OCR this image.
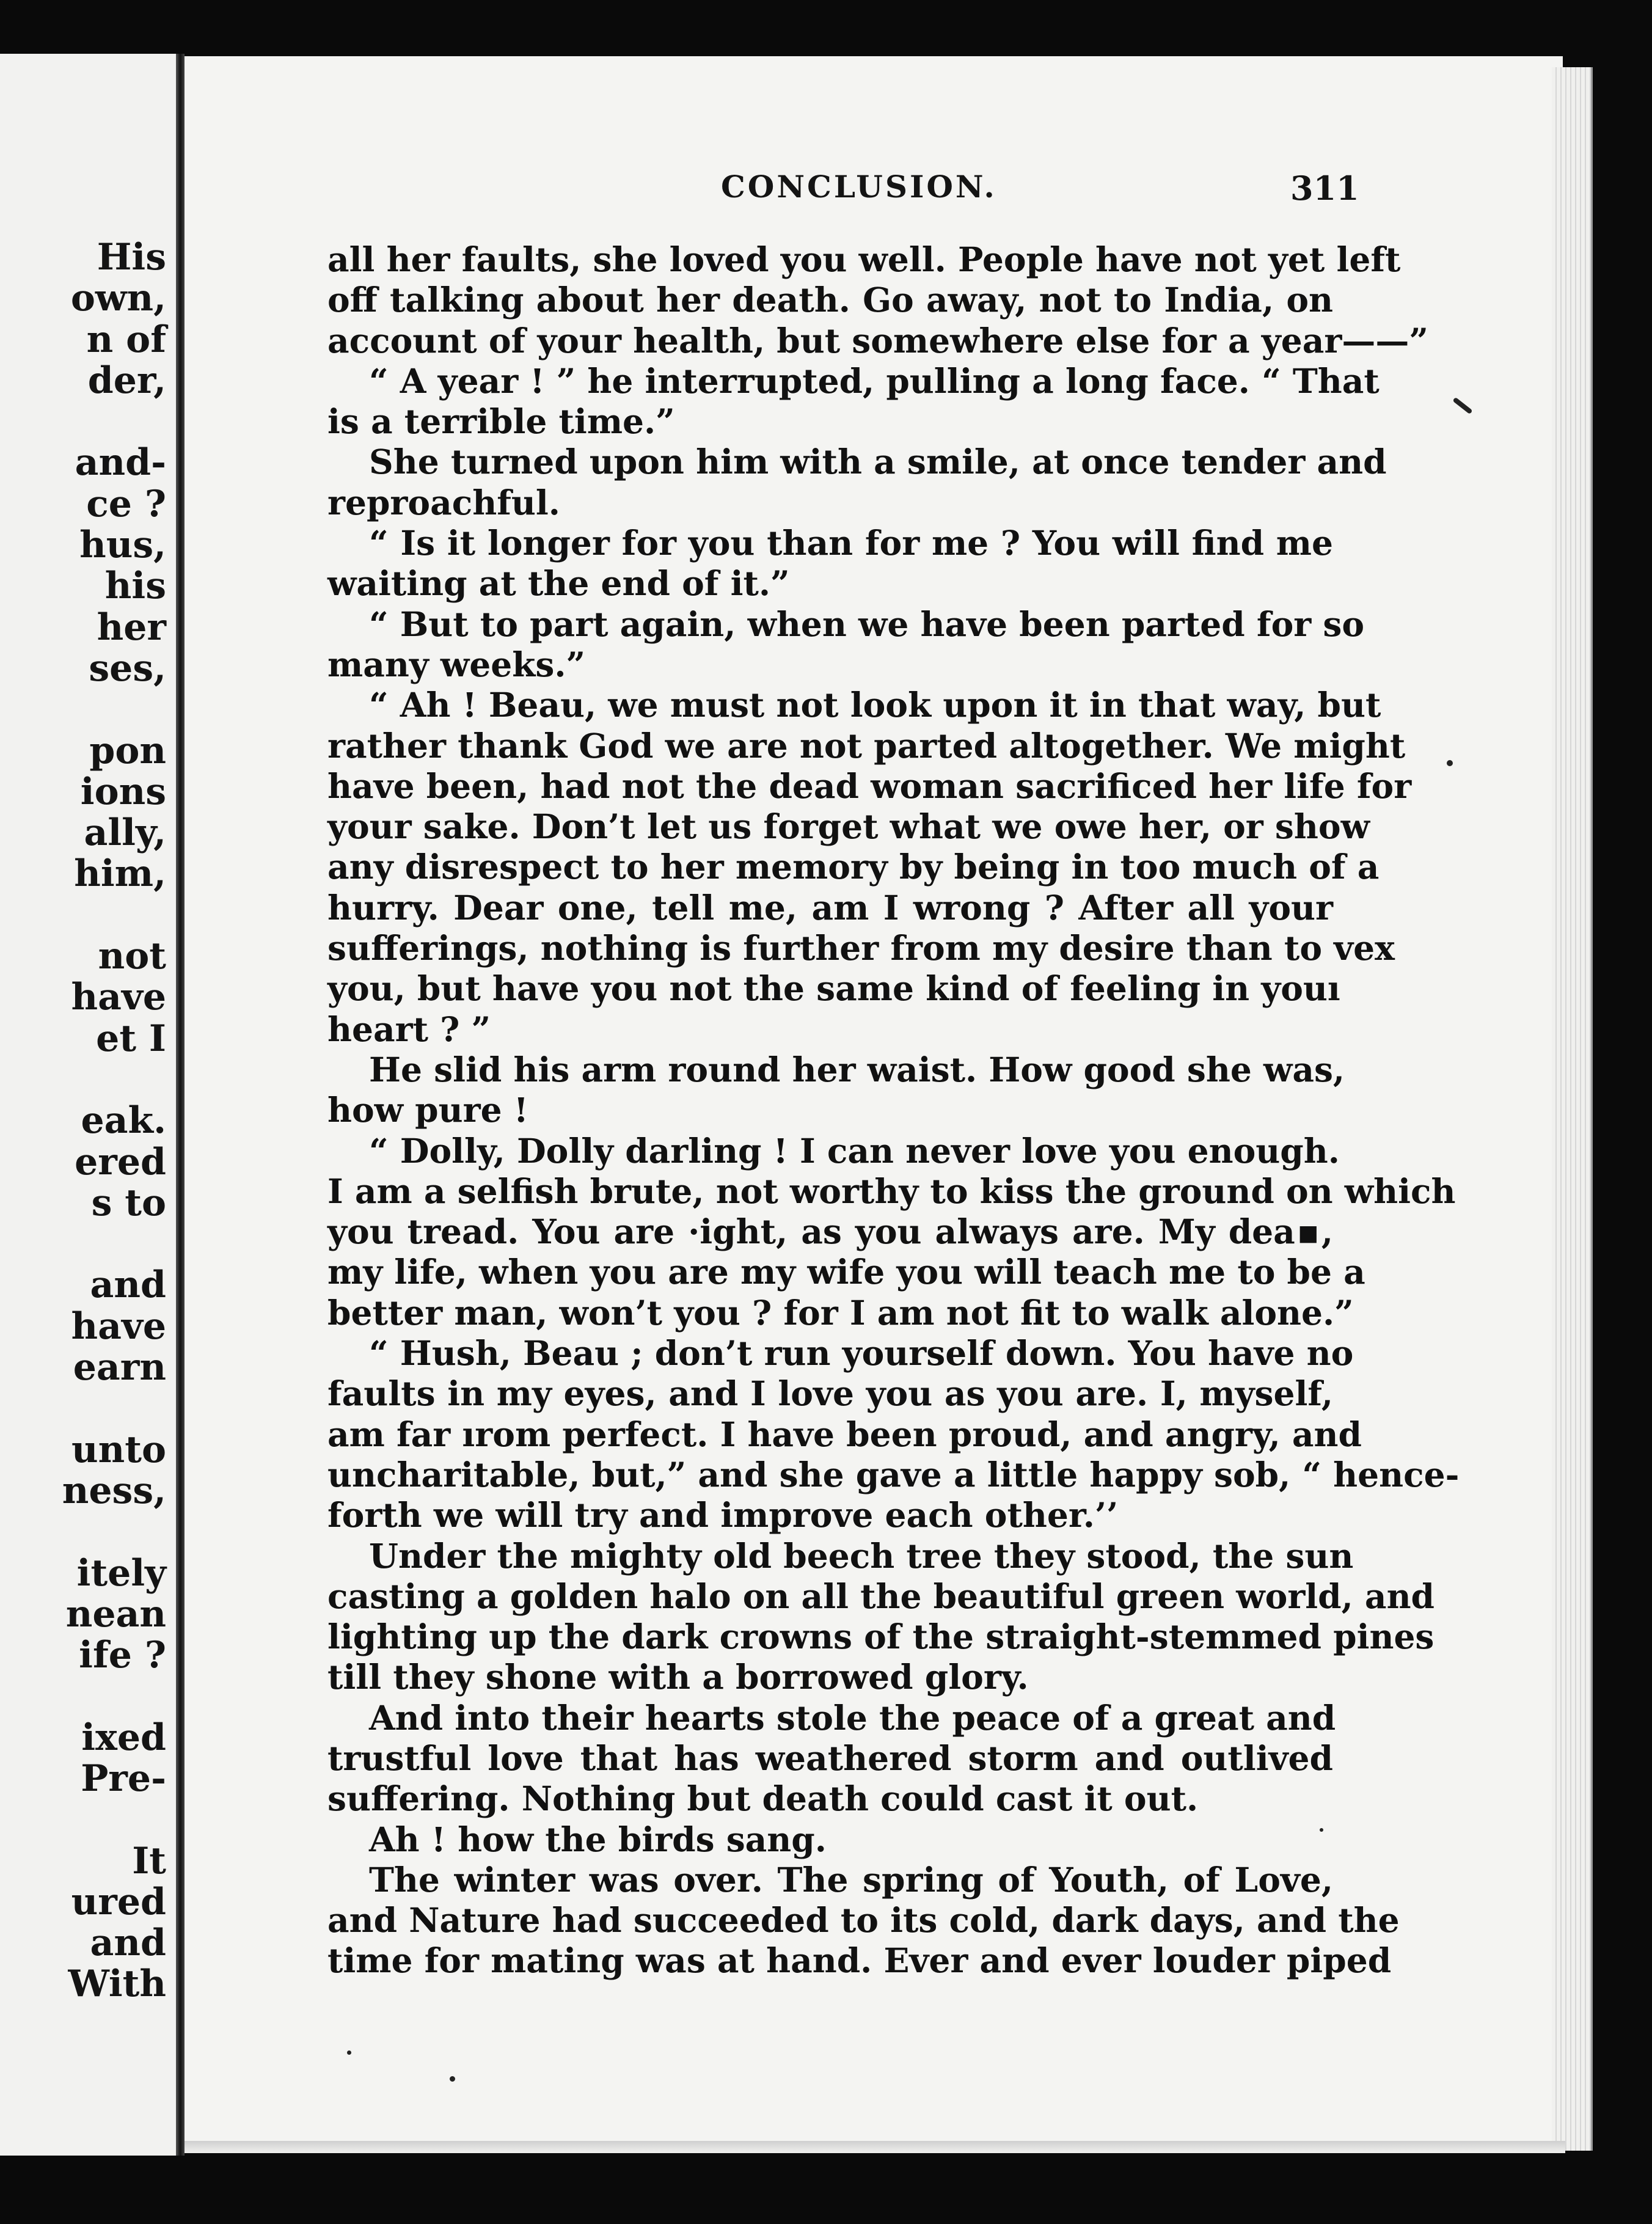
His
own,
n of
der,

and-
ce ?
hus,
his
her
ses,

pon
ions
ally,
him,

not
have
et I

eak.
ered
s to

and
have
earn

unto
ness,

itely
nean
ife ?

ixed
Pre-

It
ured
and
With
CONCLUSION.	311
all her faults, she loved you well. People have not yet left
off talking about her death. Go away, not to India, on
account of your health, but somewhere else for a year——”
“ A year ! ” he interrupted, pulling a long face. “ That
is a terrible time.”
She turned upon him with a smile, at once tender and
reproachful.
“ Is it longer for you than for me ? You will find me
waiting at the end of it.”
“ But to part again, when we have been parted for so
many weeks.”
“ Ah ! Beau, we must not look upon it in that way, but
rather thank God we are not parted altogether. We might
have been, had not the dead woman sacrificed her life for
your sake. Don’t let us forget what we owe her, or show
any disrespect to her memory by being in too much of a
hurry. Dear one, tell me, am I wrong ? After all your
sufferings, nothing is further from my desire than to vex
you, but have you not the same kind of feeling in youı
heart ? ”
He slid his arm round her waist. How good she was,
how pure !
“ Dolly, Dolly darling ! I can never love you enough.
I am a selfish brute, not worthy to kiss the ground on which
you tread. You are ·ight, as you always are. My dea▪,
my life, when you are my wife you will teach me to be a
better man, won’t you ? for I am not fit to walk alone.”
“ Hush, Beau ; don’t run yourself down. You have no
faults in my eyes, and I love you as you are. I, myself,
am far ırom perfect. I have been proud, and angry, and
uncharitable, but,” and she gave a little happy sob, “ hence-
forth we will try and improve each other.’’
Under the mighty old beech tree they stood, the sun
casting a golden halo on all the beautiful green world, and
lighting up the dark crowns of the straight-stemmed pines
till they shone with a borrowed glory.
And into their hearts stole the peace of a great and
trustful love that has weathered storm and outlived
suffering. Nothing but death could cast it out.
Ah ! how the birds sang.
The winter was over. The spring of Youth, of Love,
and Nature had succeeded to its cold, dark days, and the
time for mating was at hand. Ever and ever louder piped
